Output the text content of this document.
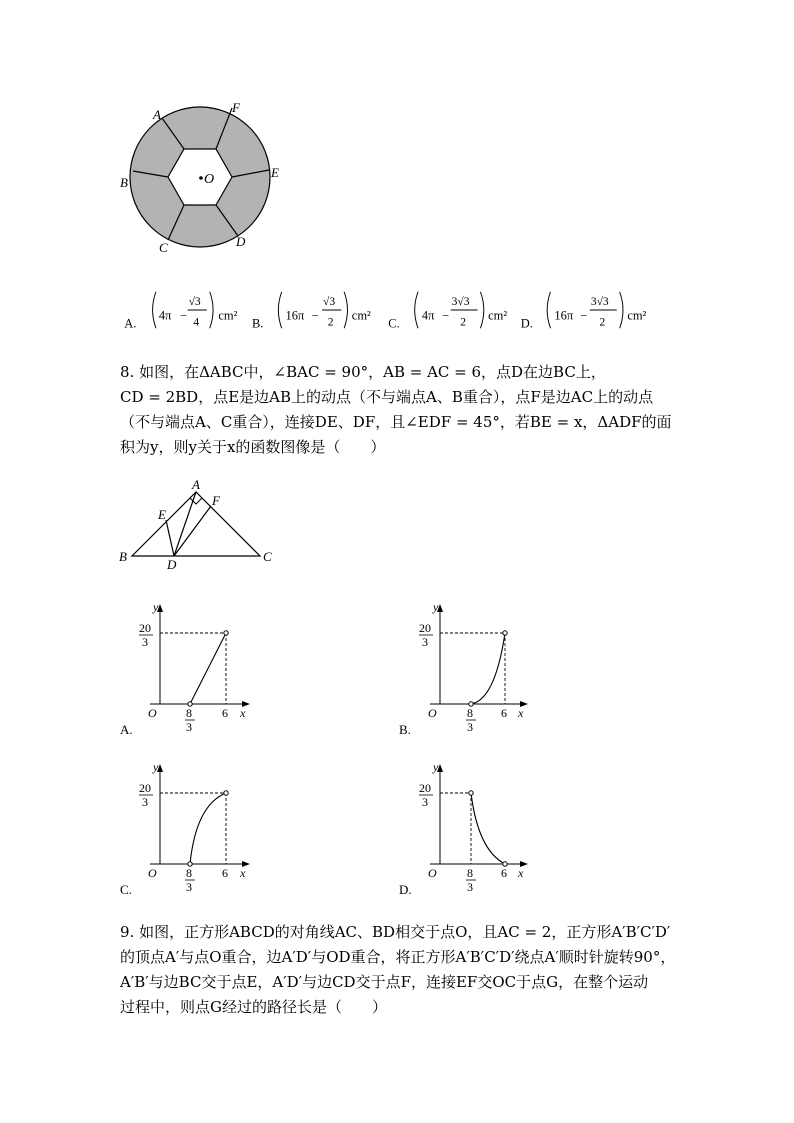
O
A	F
B
E
C	D
A.
4π −
√3
4 cm²
B.
16π −
√3
2 cm²
C.
4π −
3√3
2 cm²
D.
16π −
3√3
2 cm²
8. 如图，在ΔABC中，∠BAC = 90°，AB = AC = 6，点D在边BC上，
CD = 2BD，点E是边AB上的动点（不与端点A、B重合），点F是边AC上的动点
（不与端点A、C重合），连接DE、DF，且∠EDF = 45°，若BE = x，ΔADF的面
积为y，则y关于x的函数图像是（　　）
A
B	C
D
E
F
y
20
3
O 8
3
6 x
A.
y
20
3
O	8
3
6 x
B.
y
20
3
O 8
3
6 x
C.
y
20
3
O	8
3
6 x
D.
9. 如图，正方形ABCD的对角线AC、BD相交于点O，且AC = 2，正方形A′B′C′D′
的顶点A′与点O重合，边A′D′与OD重合，将正方形A′B′C′D′绕点A′顺时针旋转90°，
A′B′与边BC交于点E，A′D′与边CD交于点F，连接EF交OC于点G，在整个运动
过程中，则点G经过的路径长是（　　）
